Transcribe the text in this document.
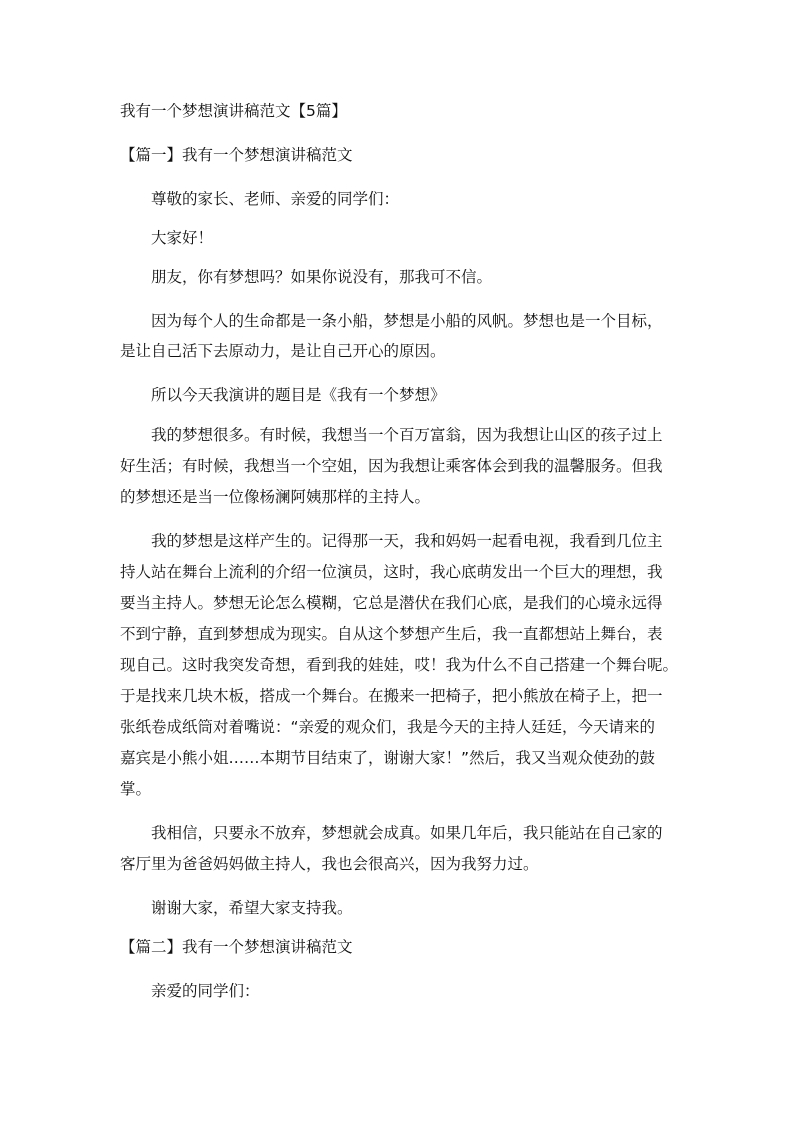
我有一个梦想演讲稿范文【5篇】

【篇一】我有一个梦想演讲稿范文

尊敬的家长、老师、亲爱的同学们：

大家好！

朋友，你有梦想吗？如果你说没有，那我可不信。

因为每个人的生命都是一条小船，梦想是小船的风帆。梦想也是一个目标，

是让自己活下去原动力，是让自己开心的原因。

所以今天我演讲的题目是《我有一个梦想》

我的梦想很多。有时候，我想当一个百万富翁，因为我想让山区的孩子过上

好生活；有时候，我想当一个空姐，因为我想让乘客体会到我的温馨服务。但我

的梦想还是当一位像杨澜阿姨那样的主持人。

我的梦想是这样产生的。记得那一天，我和妈妈一起看电视，我看到几位主

持人站在舞台上流利的介绍一位演员，这时，我心底萌发出一个巨大的理想，我

要当主持人。梦想无论怎么模糊，它总是潜伏在我们心底，是我们的心境永远得

不到宁静，直到梦想成为现实。自从这个梦想产生后，我一直都想站上舞台，表

现自己。这时我突发奇想，看到我的娃娃，哎！我为什么不自己搭建一个舞台呢。

于是找来几块木板，搭成一个舞台。在搬来一把椅子，把小熊放在椅子上，把一

张纸卷成纸筒对着嘴说：“亲爱的观众们，我是今天的主持人廷廷，今天请来的

嘉宾是小熊小姐……本期节目结束了，谢谢大家！”然后，我又当观众使劲的鼓

掌。

我相信，只要永不放弃，梦想就会成真。如果几年后，我只能站在自己家的

客厅里为爸爸妈妈做主持人，我也会很高兴，因为我努力过。

谢谢大家，希望大家支持我。

【篇二】我有一个梦想演讲稿范文

亲爱的同学们：
